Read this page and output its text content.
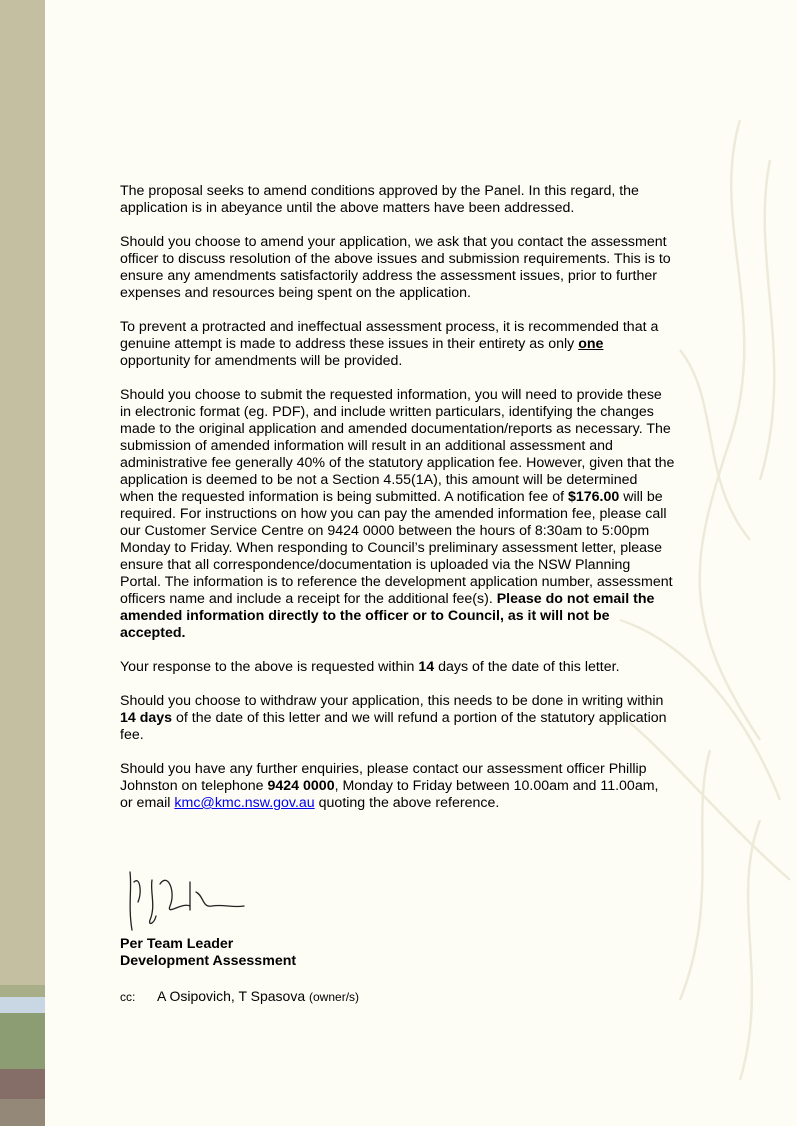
The proposal seeks to amend conditions approved by the Panel. In this regard, the application is in abeyance until the above matters have been addressed.

Should you choose to amend your application, we ask that you contact the assessment officer to discuss resolution of the above issues and submission requirements. This is to ensure any amendments satisfactorily address the assessment issues, prior to further expenses and resources being spent on the application.

To prevent a protracted and ineffectual assessment process, it is recommended that a genuine attempt is made to address these issues in their entirety as only one opportunity for amendments will be provided.

Should you choose to submit the requested information, you will need to provide these in electronic format (eg. PDF), and include written particulars, identifying the changes made to the original application and amended documentation/reports as necessary. The submission of amended information will result in an additional assessment and administrative fee generally 40% of the statutory application fee. However, given that the application is deemed to be not a Section 4.55(1A), this amount will be determined when the requested information is being submitted. A notification fee of $176.00 will be required. For instructions on how you can pay the amended information fee, please call our Customer Service Centre on 9424 0000 between the hours of 8:30am to 5:00pm Monday to Friday. When responding to Council’s preliminary assessment letter, please ensure that all correspondence/documentation is uploaded via the NSW Planning Portal. The information is to reference the development application number, assessment officers name and include a receipt for the additional fee(s). Please do not email the amended information directly to the officer or to Council, as it will not be accepted.

Your response to the above is requested within 14 days of the date of this letter.

Should you choose to withdraw your application, this needs to be done in writing within 14 days of the date of this letter and we will refund a portion of the statutory application fee.

Should you have any further enquiries, please contact our assessment officer Phillip Johnston on telephone 9424 0000, Monday to Friday between 10.00am and 11.00am, or email kmc@kmc.nsw.gov.au quoting the above reference.

Per Team Leader
Development Assessment
cc: A Osipovich, T Spasova (owner/s)
